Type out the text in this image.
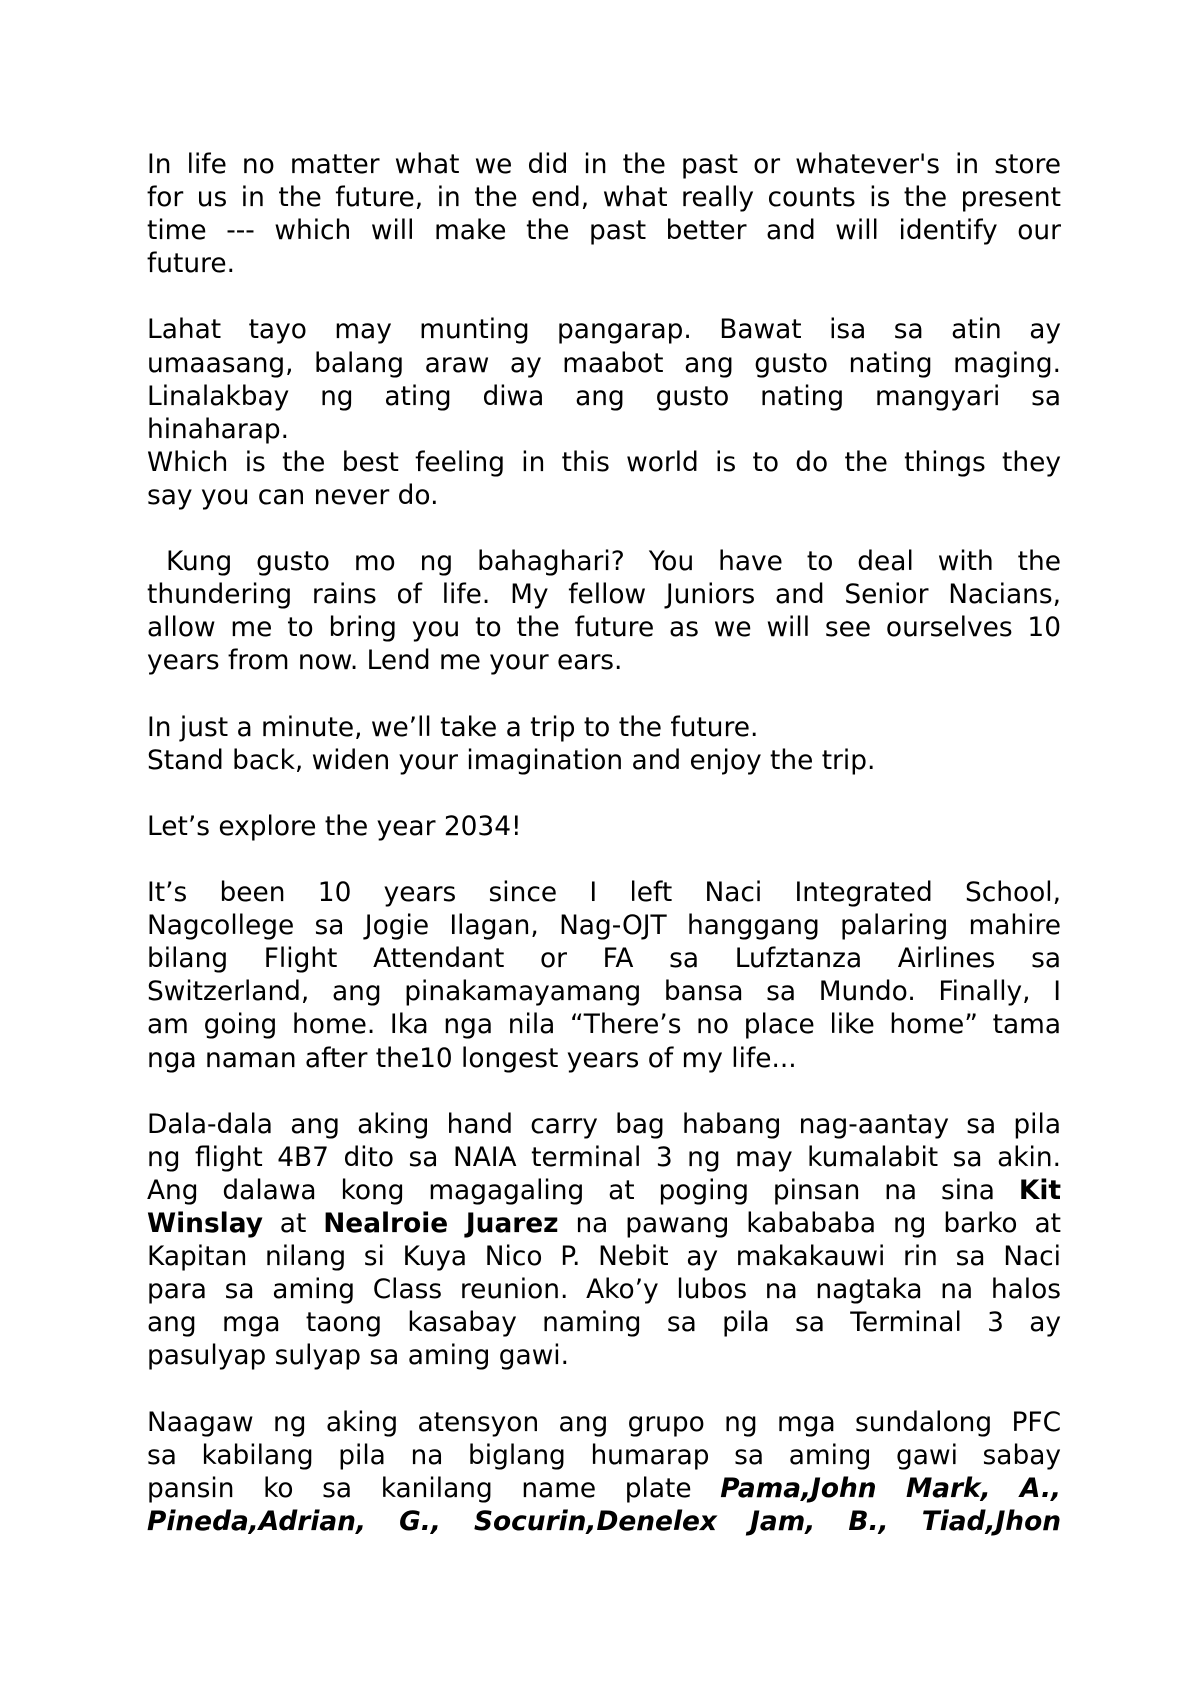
In life no matter what we did in the past or whatever's in store
for us in the future, in the end, what really counts is the present
time --- which will make the past better and will identify our
future.
Lahat tayo may munting pangarap. Bawat isa sa atin ay
umaasang, balang araw ay maabot ang gusto nating maging.
Linalakbay ng ating diwa ang gusto nating mangyari sa
hinaharap.
Which is the best feeling in this world is to do the things they
say you can never do.
Kung gusto mo ng bahaghari? You have to deal with the
thundering rains of life. My fellow Juniors and Senior Nacians,
allow me to bring you to the future as we will see ourselves 10
years from now. Lend me your ears.
In just a minute, we’ll take a trip to the future.
Stand back, widen your imagination and enjoy the trip.
Let’s explore the year 2034!
It’s been 10 years since I left Naci Integrated School,
Nagcollege sa Jogie Ilagan, Nag-OJT hanggang palaring mahire
bilang Flight Attendant or FA sa Lufztanza Airlines sa
Switzerland, ang pinakamayamang bansa sa Mundo. Finally, I
am going home. Ika nga nila “There’s no place like home” tama
nga naman after the10 longest years of my life...
Dala-dala ang aking hand carry bag habang nag-aantay sa pila
ng flight 4B7 dito sa NAIA terminal 3 ng may kumalabit sa akin.
Ang dalawa kong magagaling at poging pinsan na sina Kit
Winslay at Nealroie Juarez na pawang kabababa ng barko at
Kapitan nilang si Kuya Nico P. Nebit ay makakauwi rin sa Naci
para sa aming Class reunion. Ako’y lubos na nagtaka na halos
ang mga taong kasabay naming sa pila sa Terminal 3 ay
pasulyap sulyap sa aming gawi.
Naagaw ng aking atensyon ang grupo ng mga sundalong PFC
sa kabilang pila na biglang humarap sa aming gawi sabay
pansin ko sa kanilang name plate Pama,John Mark, A.,
Pineda,Adrian, G., Socurin,Denelex Jam, B., Tiad,Jhon
